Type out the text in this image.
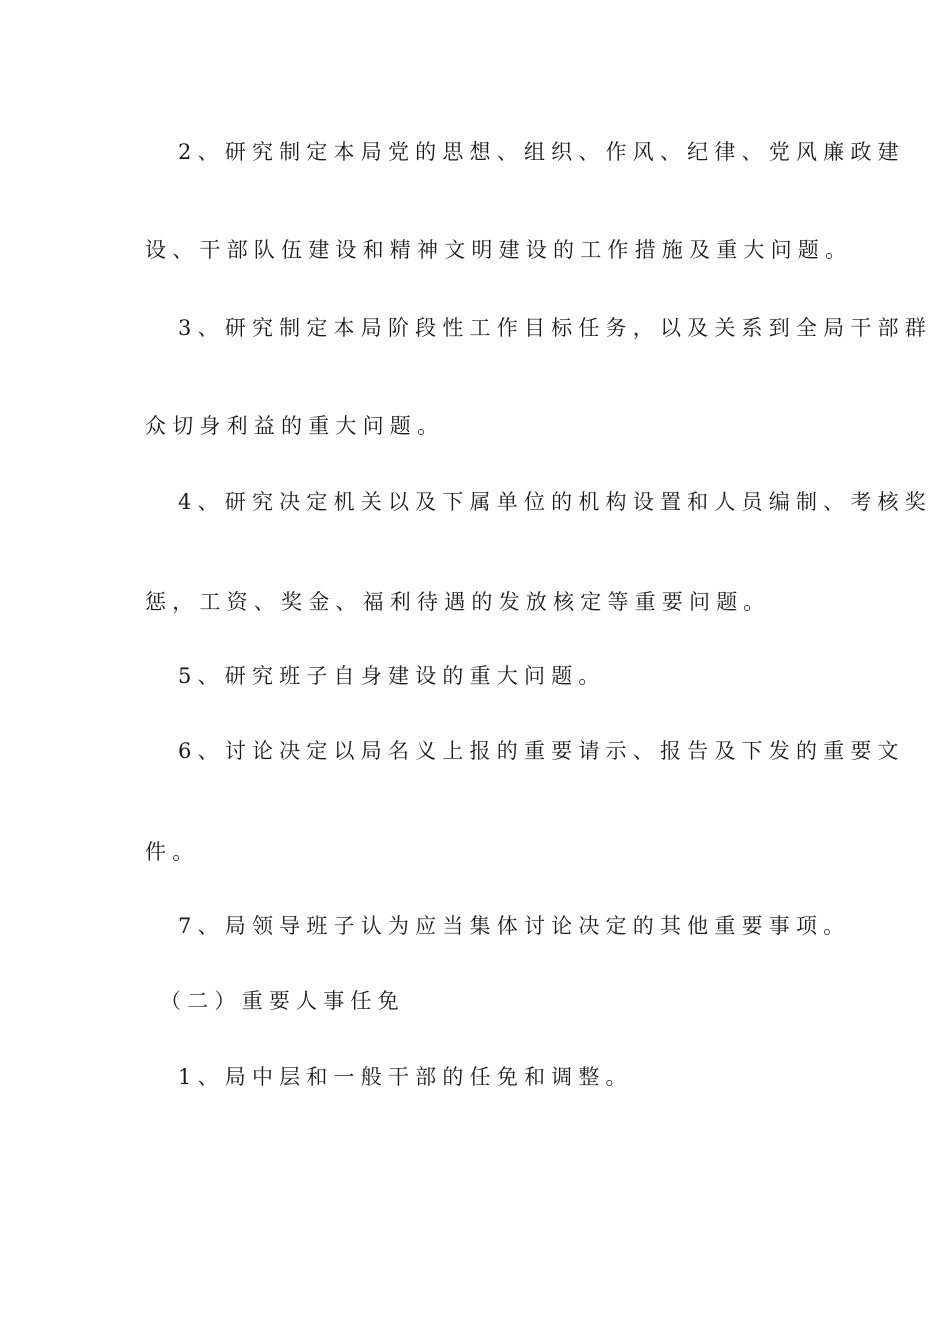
2、研究制定本局党的思想、组织、作风、纪律、党风廉政建
设、干部队伍建设和精神文明建设的工作措施及重大问题。
3、研究制定本局阶段性工作目标任务，以及关系到全局干部群
众切身利益的重大问题。
4、研究决定机关以及下属单位的机构设置和人员编制、考核奖
惩，工资、奖金、福利待遇的发放核定等重要问题。
5、研究班子自身建设的重大问题。
6、讨论决定以局名义上报的重要请示、报告及下发的重要文
件。
7、局领导班子认为应当集体讨论决定的其他重要事项。
（二）重要人事任免
1、局中层和一般干部的任免和调整。
